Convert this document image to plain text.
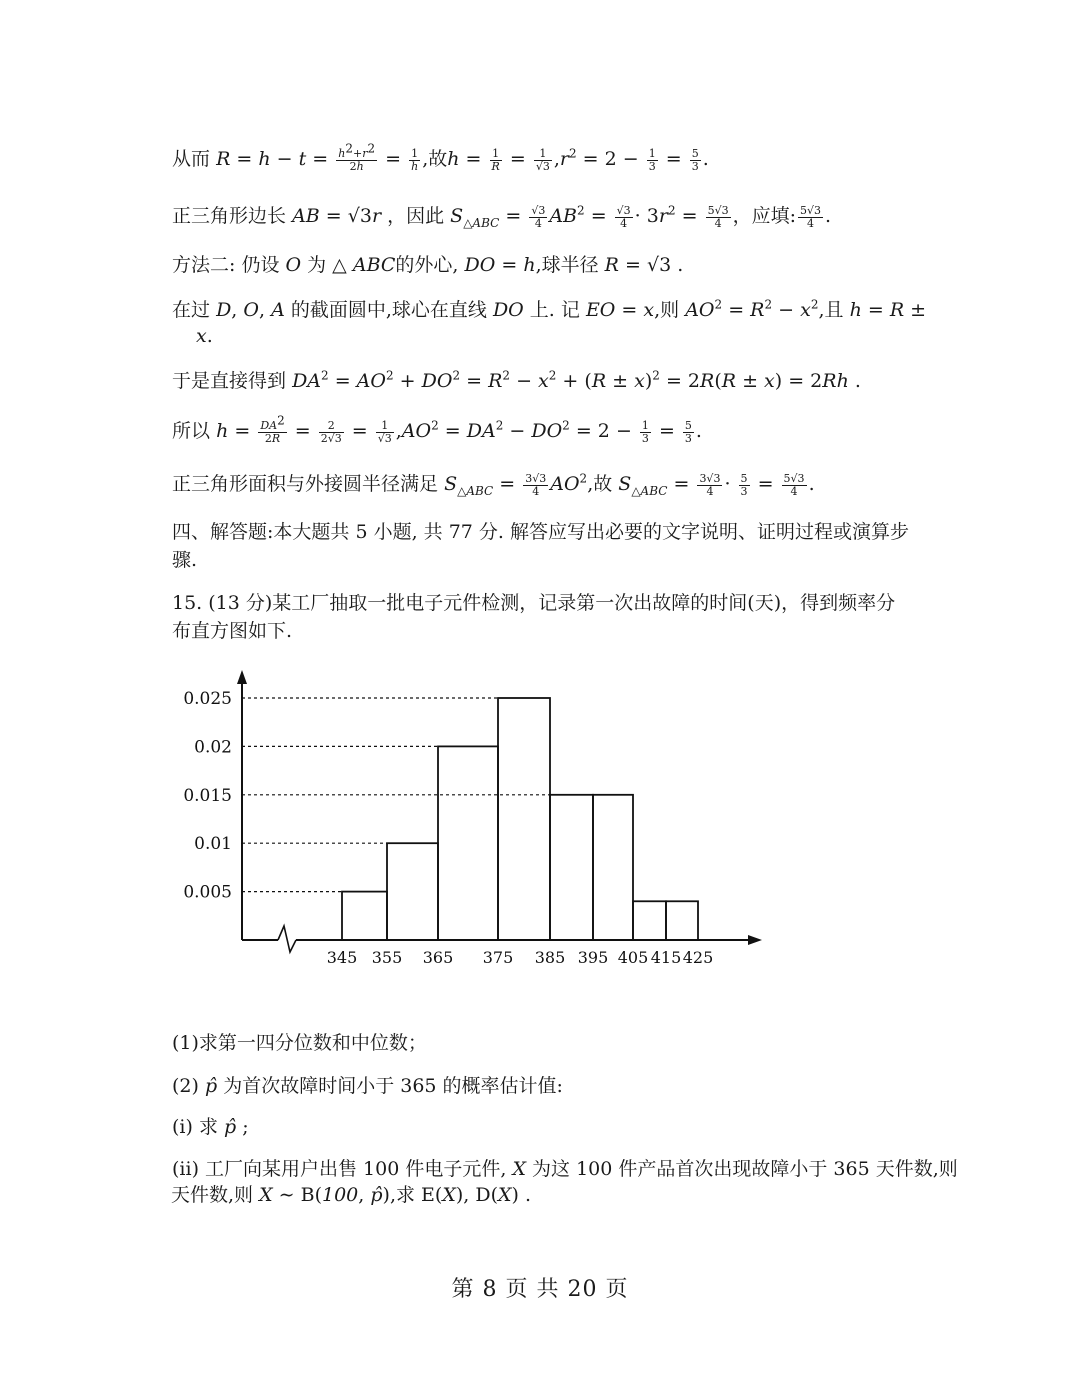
从而 $R = h - t = \frac{h^2+r^2}{2h} = \frac{1}{h}$ ,故$h = \frac{1}{R} = \frac{1}{√3} ,r^2 = 2 - \frac{1}{3} = \frac{5}{3}$ .
正三角形边长 AB = √3r ，因此 $S_{\triangle ABC} = \frac{√3}{4} AB^2 = \frac{√3}{4} \cdot 3r^2 = \frac{5√3}{4}$ ，应填: $\frac{5√3}{4}$ .
方法二: 仍设 O 为 △ ABC的外心, DO = h,球半径 R = √3 .
在过 D, O, A 的截面圆中,球心在直线 DO 上. 记 EO = x,则 $AO^2 = R^2 - x^2$,且 h = R ±
x.
于是直接得到 $DA^2 = AO^2 + DO^2 = R^2 - x^2 + (R \pm x)^2 = 2R(R \pm x) = 2Rh$ .
所以 $h = \frac{DA^2}{2R} = \frac{2}{2√3} = \frac{1}{√3} ,AO^2 = DA^2 - DO^2 = 2 - \frac{1}{3} = \frac{5}{3}$ .
正三角形面积与外接圆半径满足 $S_{\triangle ABC} = \frac{3√3}{4} AO^2$,故 $S_{\triangle ABC} = \frac{3√3}{4} \cdot \frac{5}{3} = \frac{5√3}{4}$ .
四、解答题:本大题共 5 小题, 共 77 分. 解答应写出必要的文字说明、证明过程或演算步骤.
15. (13 分)某工厂抽取一批电子元件检测，记录第一次出故障的时间(天)，得到频率分布直方图如下.
0.025
0.02
0.015
0.01
0.005
345 355 365 375 385 395 405 415 425
(1)求第一四分位数和中位数；
(2) p̂ 为首次故障时间小于 365 的概率估计值:
(i) 求 p̂ ;
(ii) 工厂向某用户出售 100 件电子元件, X 为这 100 件产品首次出现故障小于 365 天件数,则
天件数,则 X ∼ B(100, p̂),求 E(X), D(X) .
第 8 页 共 20 页
